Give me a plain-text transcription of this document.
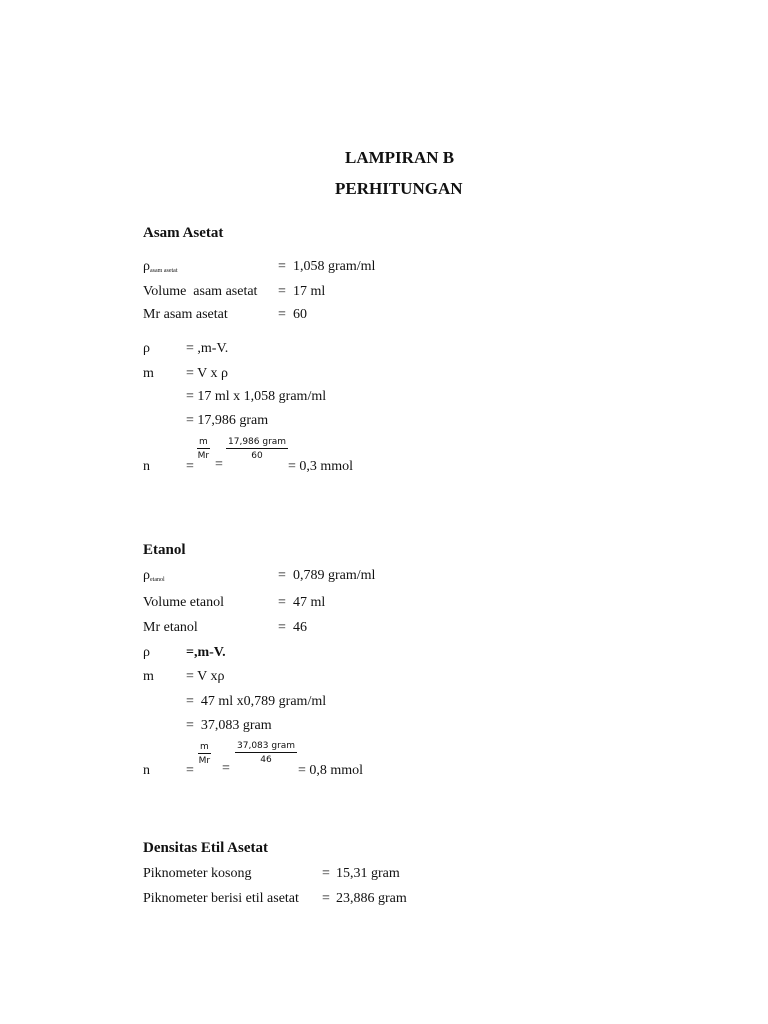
LAMPIRAN B
PERHITUNGAN
Asam Asetat
$\rho_{asam asetat}$	= 1,058 gram/ml
Volume  asam asetat = 17 ml
Mr asam asetat	= 60
ρ	= ,m-V.
m = V x ρ
= 17 ml x 1,058 gram/ml
= 17,986 gram
$\frac{m}{Mr} 17,986$ gram
60
n	= =	= 0,3 mmol
Etanol
$\rho_{etanol}$	= 0,789 gram/ml
Volume etanol	= 47 ml
Mr etanol	= 46
ρ	=,m-V.
m = V xρ
=  47 ml x0,789 gram/ml
=  37,083 gram
$\frac{m}{Mr}$	37,083 gram
46
n	= =	= 0,8 mmol
Densitas Etil Asetat
Piknometer kosong	= 15,31 gram
Piknometer berisi etil asetat = 23,886 gram
